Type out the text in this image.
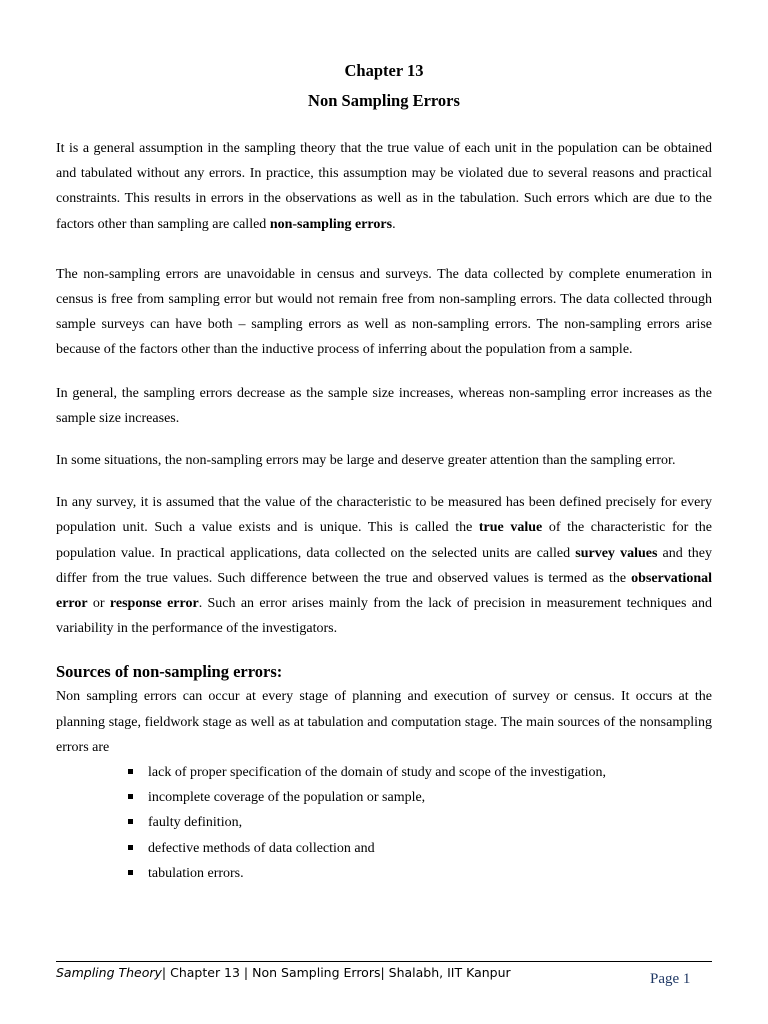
Chapter 13
Non Sampling Errors

It is a general assumption in the sampling theory that the true value of each unit in the population can be obtained and tabulated without any errors. In practice, this assumption may be violated due to several reasons and practical constraints. This results in errors in the observations as well as in the tabulation. Such errors which are due to the factors other than sampling are called non-sampling errors.

The non-sampling errors are unavoidable in census and surveys. The data collected by complete enumeration in census is free from sampling error but would not remain free from non-sampling errors. The data collected through sample surveys can have both – sampling errors as well as non-sampling errors. The non-sampling errors arise because of the factors other than the inductive process of inferring about the population from a sample.

In general, the sampling errors decrease as the sample size increases, whereas non-sampling error increases as the sample size increases.

In some situations, the non-sampling errors may be large and deserve greater attention than the sampling error.

In any survey, it is assumed that the value of the characteristic to be measured has been defined precisely for every population unit. Such a value exists and is unique. This is called the true value of the characteristic for the population value. In practical applications, data collected on the selected units are called survey values and they differ from the true values. Such difference between the true and observed values is termed as the observational error or response error. Such an error arises mainly from the lack of precision in measurement techniques and variability in the performance of the investigators.

Sources of non-sampling errors:

Non sampling errors can occur at every stage of planning and execution of survey or census. It occurs at the planning stage, fieldwork stage as well as at tabulation and computation stage. The main sources of the nonsampling errors are

lack of proper specification of the domain of study and scope of the investigation,
incomplete coverage of the population or sample,
faulty definition,
defective methods of data collection and
tabulation errors.
Sampling Theory| Chapter 13 | Non Sampling Errors| Shalabh, IIT Kanpur	Page 1
